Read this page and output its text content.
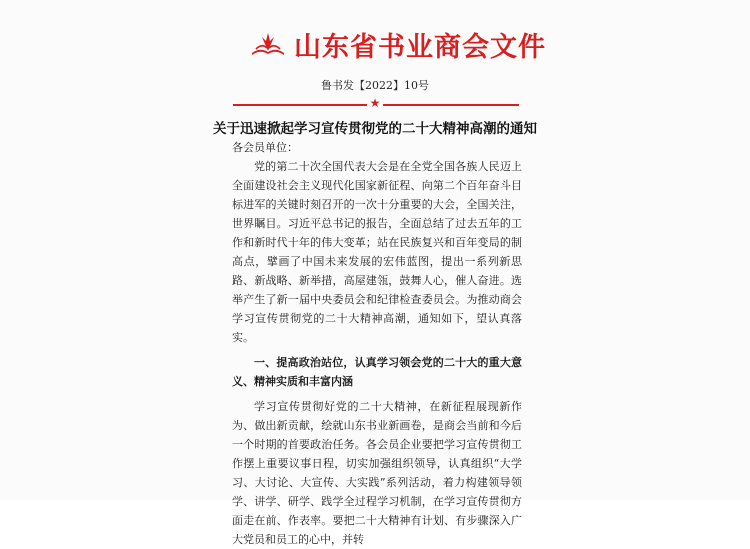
山东省书业商会文件
鲁书发【2022】10号
★
关于迅速掀起学习宣传贯彻党的二十大精神高潮的通知

各会员单位：

党的第二十次全国代表大会是在全党全国各族人民迈上全面建设社会主义现代化国家新征程、向第二个百年奋斗目标进军的关键时刻召开的一次十分重要的大会，全国关注，世界瞩目。习近平总书记的报告，全面总结了过去五年的工作和新时代十年的伟大变革；站在民族复兴和百年变局的制高点，擘画了中国未来发展的宏伟蓝图，提出一系列新思路、新战略、新举措，高屋建瓴，鼓舞人心，催人奋进。选举产生了新一届中央委员会和纪律检查委员会。为推动商会学习宣传贯彻党的二十大精神高潮，通知如下，望认真落实。

一、提高政治站位，认真学习领会党的二十大的重大意义、精神实质和丰富内涵

学习宣传贯彻好党的二十大精神，在新征程展现新作为、做出新贡献，绘就山东书业新画卷，是商会当前和今后一个时期的首要政治任务。各会员企业要把学习宣传贯彻工作摆上重要议事日程，切实加强组织领导，认真组织“大学习、大讨论、大宣传、大实践”系列活动，着力构建领导领学、讲学、研学、践学全过程学习机制，在学习宣传贯彻方面走在前、作表率。要把二十大精神有计划、有步骤深入广大党员和员工的心中，并转
